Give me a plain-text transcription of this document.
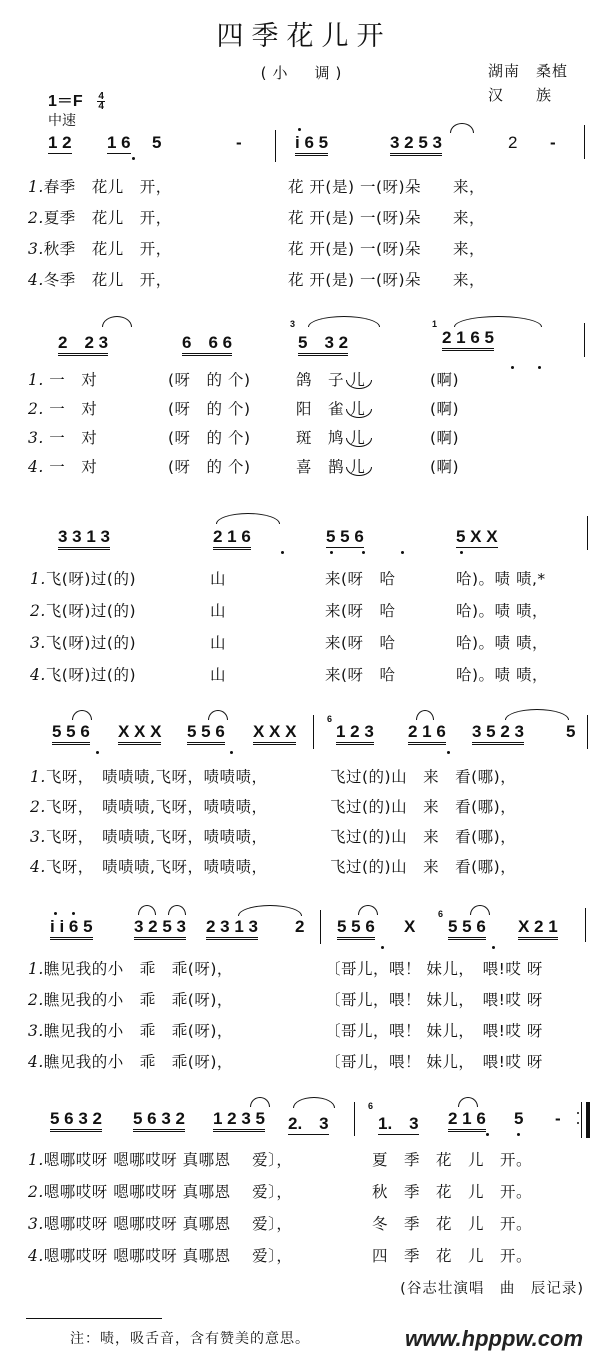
四季花儿开
(小　调)	湖南　桑植
汉　　族
$1=F \frac{4}{4}$
中速

1 2

1 6

5

	-

	i 6 5

	3 2 5 3

	2

-

1.春季　花儿　开，	花 开(是) 一(呀)朵　　来，
2.夏季　花儿　开，	花 开(是) 一(呀)朵　　来，
3.秋季　花儿　开，	花 开(是) 一(呀)朵　　来，
4.冬季　花儿　开，	花 开(是) 一(呀)朵　　来，

2　2 3

	6　6 6

3

5　3 2

1

2 1 6 5

1. 一　对	(呀　的 个)	鸽　子 儿	(啊)
2. 一　对	(呀　的 个)	阳　雀 儿	(啊)
3. 一　对	(呀　的 个)	斑　鸠 儿	(啊)
4. 一　对	(呀　的 个)	喜　鹊 儿	(啊)

3 3 1 3

	2 1 6

	5 5 6

	5 X X

1.飞(呀)过(的)	山	来(呀　哈	哈)。啧 啧,*
2.飞(呀)过(的)	山	来(呀　哈	哈)。啧 啧，
3.飞(呀)过(的)	山	来(呀　哈	哈)。啧 啧，
4.飞(呀)过(的)	山	来(呀　哈	哈)。啧 啧，

5 5 6

X X X

5 5 6

X X X

6

1 2 3

2 1 6

3 5 2 3

5

1.飞呀，　啧啧啧,飞呀，啧啧啧，	飞过(的)山　来　看(哪)，
2.飞呀，　啧啧啧,飞呀，啧啧啧，	飞过(的)山　来　看(哪)，
3.飞呀，　啧啧啧,飞呀，啧啧啧，	飞过(的)山　来　看(哪)，
4.飞呀，　啧啧啧,飞呀，啧啧啧，	飞过(的)山　来　看(哪)，

i i 6 5

3 2 5 3

2 3 1 3

2

5 5 6

X

6

5 5 6

X 2 1

1.瞧见我的小　乖　乖(呀)，	〔哥儿，喂！ 妹儿，　喂!哎 呀
2.瞧见我的小　乖　乖(呀)，	〔哥儿，喂！ 妹儿，　喂!哎 呀
3.瞧见我的小　乖　乖(呀)，	〔哥儿，喂！ 妹儿，　喂!哎 呀
4.瞧见我的小　乖　乖(呀)，	〔哥儿，喂！ 妹儿，　喂!哎 呀

5 6 3 2

5 6 3 2

1 2 3 5

2.　3

6

1.　3

2 1 6

5

-

1.嗯哪哎呀 嗯哪哎呀 真哪恩　 爱〕，	夏　季　花　儿　开。
2.嗯哪哎呀 嗯哪哎呀 真哪恩　 爱〕，	秋　季　花　儿　开。
3.嗯哪哎呀 嗯哪哎呀 真哪恩　 爱〕，	冬　季　花　儿　开。
4.嗯哪哎呀 嗯哪哎呀 真哪恩　 爱〕，	四　季　花　儿　开。
(谷志壮演唱　曲　辰记录)
注：啧，吸舌音，含有赞美的意思。	www.hpppw.com
